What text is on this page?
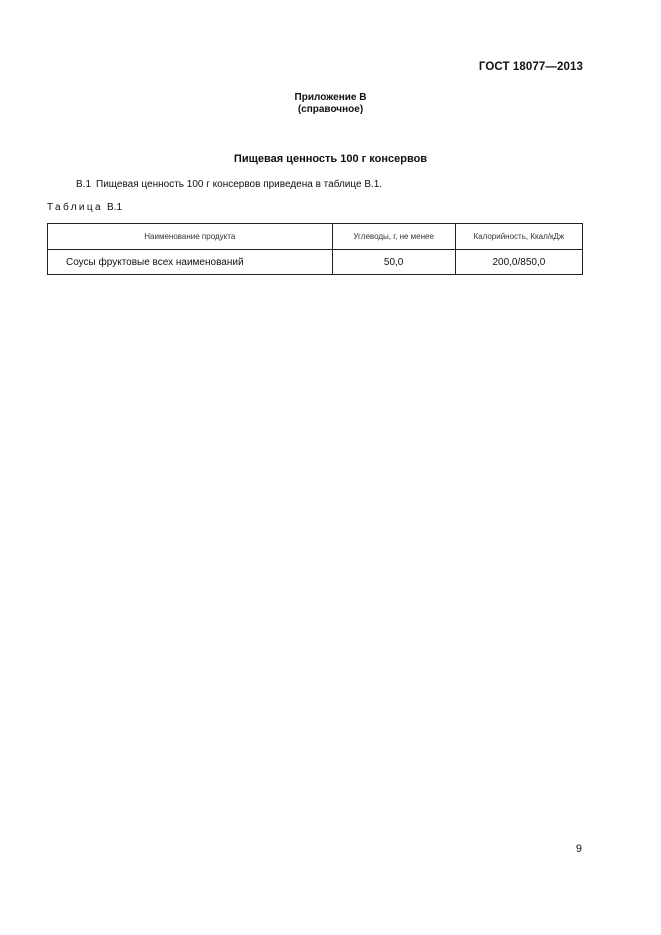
ГОСТ 18077—2013
Приложение В
(справочное)
Пищевая ценность 100 г консервов
В.1 Пищевая ценность 100 г консервов приведена в таблице В.1.
Таблица В.1
Наименование продукта	Углеводы, г, не менее	Калорийность, Ккал/кДж
Соусы фруктовые всех наименований	50,0	200,0/850,0
9
